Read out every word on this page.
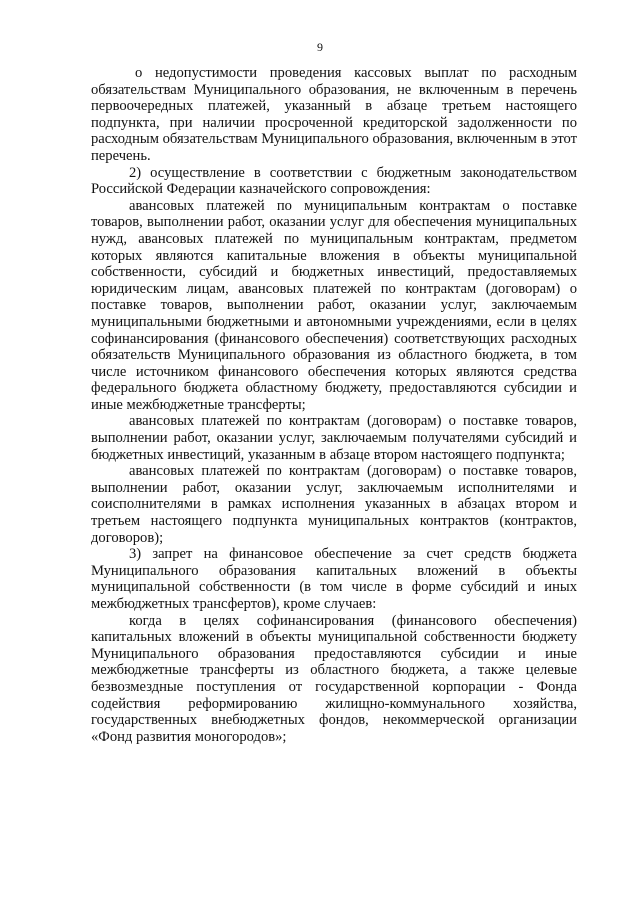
9

о недопустимости проведения кассовых выплат по расходным обязательствам Муниципального образования, не включенным в перечень первоочередных платежей, указанный в абзаце третьем настоящего подпункта, при наличии просроченной кредиторской задолженности по расходным обязательствам Муниципального образования, включенным в этот перечень.

2) осуществление в соответствии с бюджетным законодательством Российской Федерации казначейского сопровождения:

авансовых платежей по муниципальным контрактам о поставке товаров, выполнении работ, оказании услуг для обеспечения муниципальных нужд, авансовых платежей по муниципальным контрактам, предметом которых являются капитальные вложения в объекты муниципальной собственности, субсидий и бюджетных инвестиций, предоставляемых юридическим лицам, авансовых платежей по контрактам (договорам) о поставке товаров, выполнении работ, оказании услуг, заключаемым муниципальными бюджетными и автономными учреждениями, если в целях софинансирования (финансового обеспечения) соответствующих расходных обязательств Муниципального образования из областного бюджета, в том числе источником финансового обеспечения которых являются средства федерального бюджета областному бюджету, предоставляются субсидии и иные межбюджетные трансферты;

авансовых платежей по контрактам (договорам) о поставке товаров, выполнении работ, оказании услуг, заключаемым получателями субсидий и бюджетных инвестиций, указанным в абзаце втором настоящего подпункта;

авансовых платежей по контрактам (договорам) о поставке товаров, выполнении работ, оказании услуг, заключаемым исполнителями и соисполнителями в рамках исполнения указанных в абзацах втором и третьем настоящего подпункта муниципальных контрактов (контрактов, договоров);

3) запрет на финансовое обеспечение за счет средств бюджета Муниципального образования капитальных вложений в объекты муниципальной собственности (в том числе в форме субсидий и иных межбюджетных трансфертов), кроме случаев:

когда в целях софинансирования (финансового обеспечения) капитальных вложений в объекты муниципальной собственности бюджету Муниципального образования предоставляются субсидии и иные межбюджетные трансферты из областного бюджета, а также целевые безвозмездные поступления от государственной корпорации - Фонда содействия реформированию жилищно-коммунального хозяйства, государственных внебюджетных фондов, некоммерческой организации «Фонд развития моногородов»;
